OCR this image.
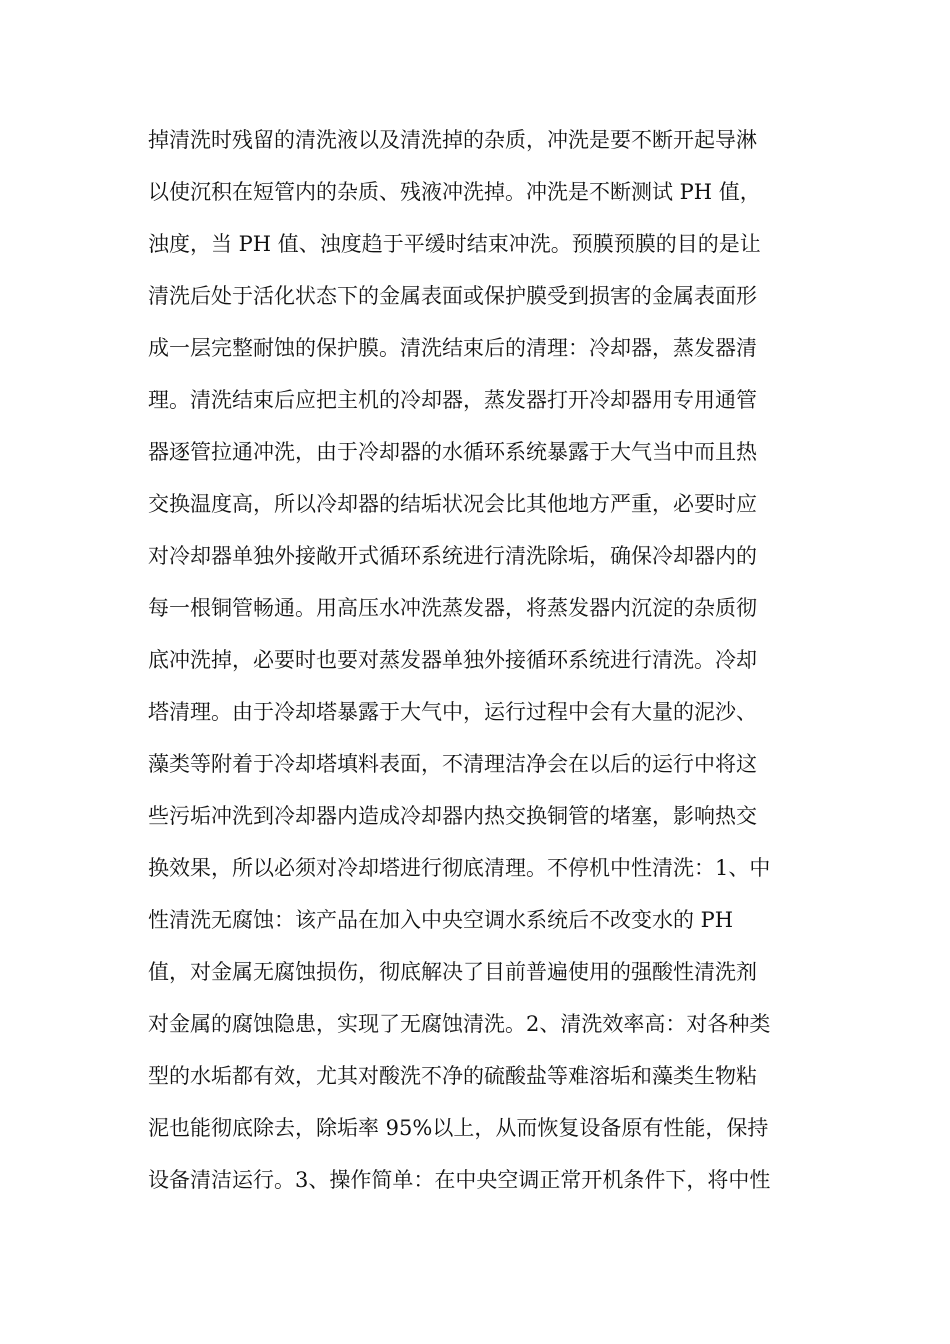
掉清洗时残留的清洗液以及清洗掉的杂质，冲洗是要不断开起导淋
以使沉积在短管内的杂质、残液冲洗掉。冲洗是不断测试 PH 值，
浊度，当 PH 值、浊度趋于平缓时结束冲洗。预膜预膜的目的是让
清洗后处于活化状态下的金属表面或保护膜受到损害的金属表面形
成一层完整耐蚀的保护膜。清洗结束后的清理：冷却器，蒸发器清
理。清洗结束后应把主机的冷却器，蒸发器打开冷却器用专用通管
器逐管拉通冲洗，由于冷却器的水循环系统暴露于大气当中而且热
交换温度高，所以冷却器的结垢状况会比其他地方严重，必要时应
对冷却器单独外接敞开式循环系统进行清洗除垢，确保冷却器内的
每一根铜管畅通。用高压水冲洗蒸发器，将蒸发器内沉淀的杂质彻
底冲洗掉，必要时也要对蒸发器单独外接循环系统进行清洗。冷却
塔清理。由于冷却塔暴露于大气中，运行过程中会有大量的泥沙、
藻类等附着于冷却塔填料表面，不清理洁净会在以后的运行中将这
些污垢冲洗到冷却器内造成冷却器内热交换铜管的堵塞，影响热交
换效果，所以必须对冷却塔进行彻底清理。不停机中性清洗：1、中
性清洗无腐蚀：该产品在加入中央空调水系统后不改变水的 PH
值，对金属无腐蚀损伤，彻底解决了目前普遍使用的强酸性清洗剂
对金属的腐蚀隐患，实现了无腐蚀清洗。2、清洗效率高：对各种类
型的水垢都有效，尤其对酸洗不净的硫酸盐等难溶垢和藻类生物粘
泥也能彻底除去，除垢率 95%以上，从而恢复设备原有性能，保持
设备清洁运行。3、操作简单：在中央空调正常开机条件下，将中性
